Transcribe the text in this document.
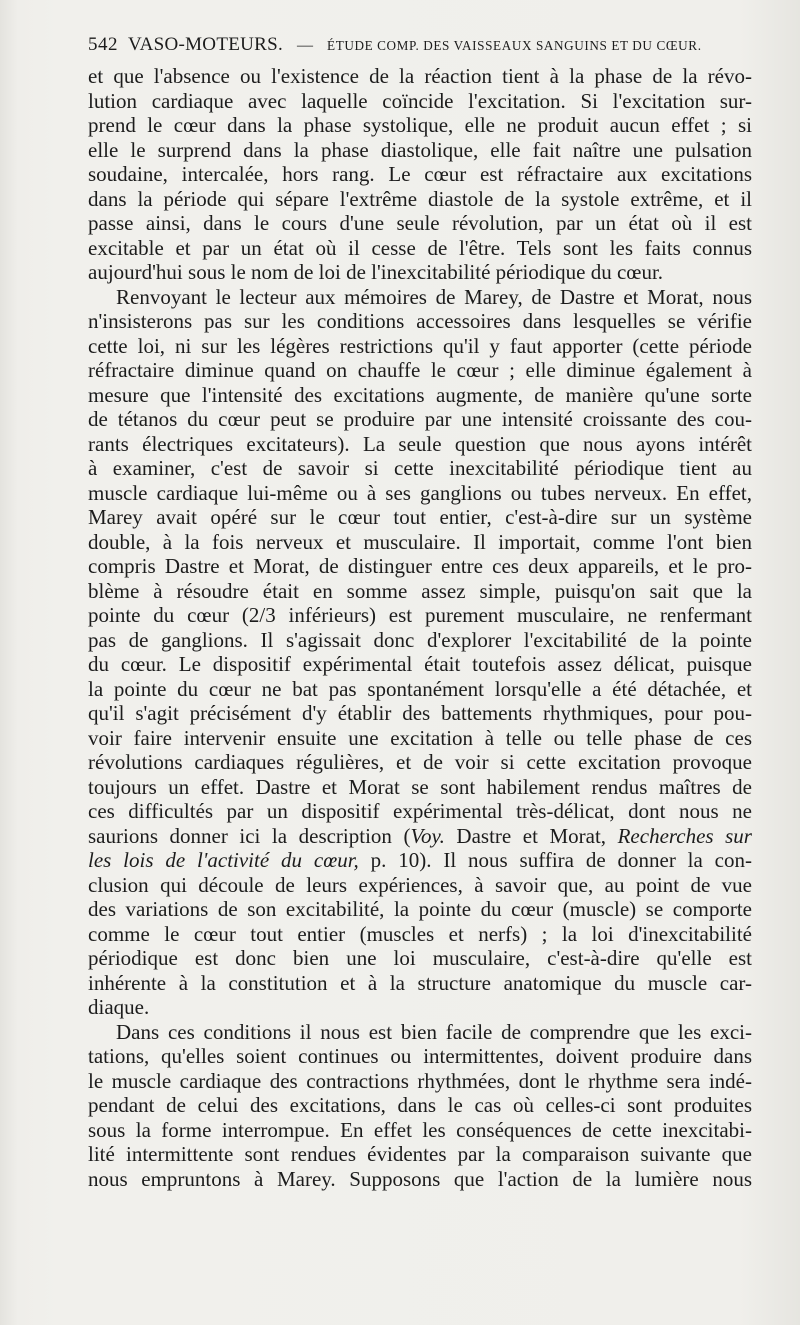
542 VASO-MOTEURS. — ÉTUDE COMP. DES VAISSEAUX SANGUINS ET DU CŒUR.
et que l'absence ou l'existence de la réaction tient à la phase de la révo-
lution cardiaque avec laquelle coïncide l'excitation. Si l'excitation sur-
prend le cœur dans la phase systolique, elle ne produit aucun effet ; si
elle le surprend dans la phase diastolique, elle fait naître une pulsation
soudaine, intercalée, hors rang. Le cœur est réfractaire aux excitations
dans la période qui sépare l'extrême diastole de la systole extrême, et il
passe ainsi, dans le cours d'une seule révolution, par un état où il est
excitable et par un état où il cesse de l'être. Tels sont les faits connus
aujourd'hui sous le nom de loi de l'inexcitabilité périodique du cœur.
Renvoyant le lecteur aux mémoires de Marey, de Dastre et Morat, nous
n'insisterons pas sur les conditions accessoires dans lesquelles se vérifie
cette loi, ni sur les légères restrictions qu'il y faut apporter (cette période
réfractaire diminue quand on chauffe le cœur ; elle diminue également à
mesure que l'intensité des excitations augmente, de manière qu'une sorte
de tétanos du cœur peut se produire par une intensité croissante des cou-
rants électriques excitateurs). La seule question que nous ayons intérêt
à examiner, c'est de savoir si cette inexcitabilité périodique tient au
muscle cardiaque lui-même ou à ses ganglions ou tubes nerveux. En effet,
Marey avait opéré sur le cœur tout entier, c'est-à-dire sur un système
double, à la fois nerveux et musculaire. Il importait, comme l'ont bien
compris Dastre et Morat, de distinguer entre ces deux appareils, et le pro-
blème à résoudre était en somme assez simple, puisqu'on sait que la
pointe du cœur (2/3 inférieurs) est purement musculaire, ne renfermant
pas de ganglions. Il s'agissait donc d'explorer l'excitabilité de la pointe
du cœur. Le dispositif expérimental était toutefois assez délicat, puisque
la pointe du cœur ne bat pas spontanément lorsqu'elle a été détachée, et
qu'il s'agit précisément d'y établir des battements rhythmiques, pour pou-
voir faire intervenir ensuite une excitation à telle ou telle phase de ces
révolutions cardiaques régulières, et de voir si cette excitation provoque
toujours un effet. Dastre et Morat se sont habilement rendus maîtres de
ces difficultés par un dispositif expérimental très-délicat, dont nous ne
saurions donner ici la description (Voy. Dastre et Morat, Recherches sur
les lois de l'activité du cœur, p. 10). Il nous suffira de donner la con-
clusion qui découle de leurs expériences, à savoir que, au point de vue
des variations de son excitabilité, la pointe du cœur (muscle) se comporte
comme le cœur tout entier (muscles et nerfs) ; la loi d'inexcitabilité
périodique est donc bien une loi musculaire, c'est-à-dire qu'elle est
inhérente à la constitution et à la structure anatomique du muscle car-
diaque.
Dans ces conditions il nous est bien facile de comprendre que les exci-
tations, qu'elles soient continues ou intermittentes, doivent produire dans
le muscle cardiaque des contractions rhythmées, dont le rhythme sera indé-
pendant de celui des excitations, dans le cas où celles-ci sont produites
sous la forme interrompue. En effet les conséquences de cette inexcitabi-
lité intermittente sont rendues évidentes par la comparaison suivante que
nous empruntons à Marey. Supposons que l'action de la lumière nous
